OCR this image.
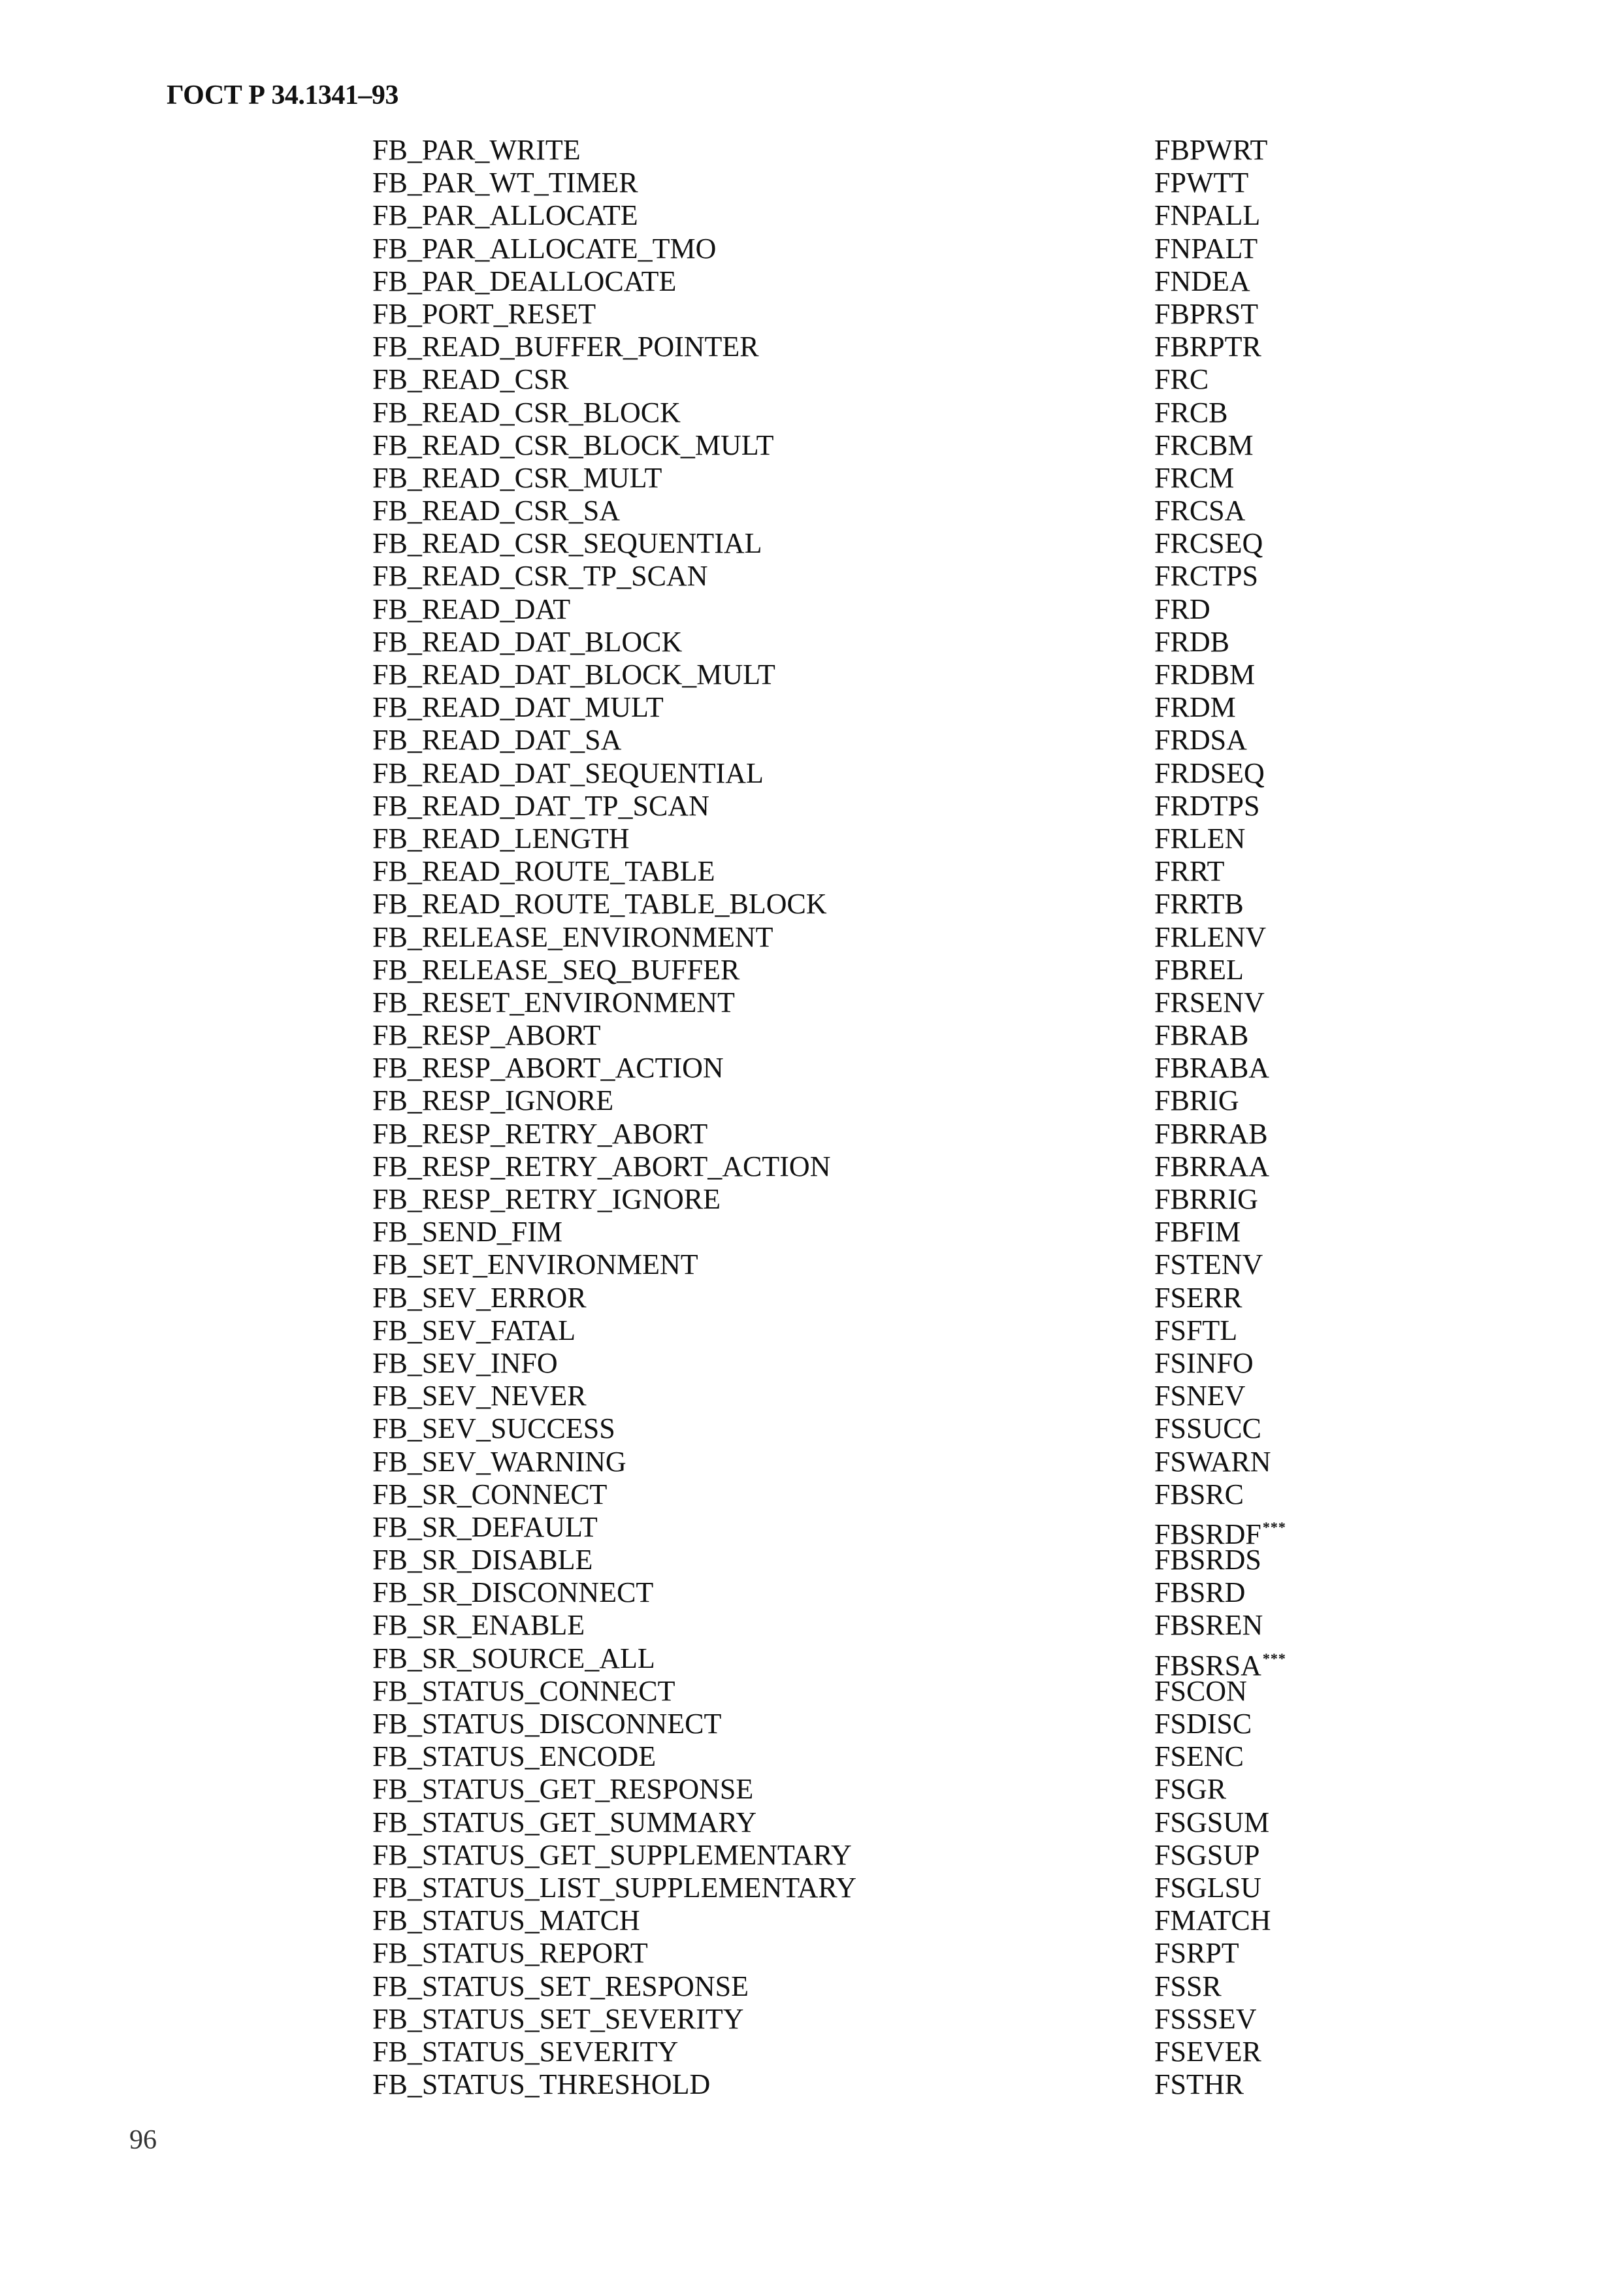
ГОСТ Р 34.1341–93
FB_PAR_WRITE	FBPWRT
FB_PAR_WT_TIMER	FPWTT
FB_PAR_ALLOCATE	FNPALL
FB_PAR_ALLOCATE_TMO	FNPALT
FB_PAR_DEALLOCATE	FNDEA
FB_PORT_RESET	FBPRST
FB_READ_BUFFER_POINTER	FBRPTR
FB_READ_CSR	FRC
FB_READ_CSR_BLOCK	FRCB
FB_READ_CSR_BLOCK_MULT	FRCBM
FB_READ_CSR_MULT	FRCM
FB_READ_CSR_SA	FRCSA
FB_READ_CSR_SEQUENTIAL	FRCSEQ
FB_READ_CSR_TP_SCAN	FRCTPS
FB_READ_DAT	FRD
FB_READ_DAT_BLOCK	FRDB
FB_READ_DAT_BLOCK_MULT	FRDBM
FB_READ_DAT_MULT	FRDM
FB_READ_DAT_SA	FRDSA
FB_READ_DAT_SEQUENTIAL	FRDSEQ
FB_READ_DAT_TP_SCAN	FRDTPS
FB_READ_LENGTH	FRLEN
FB_READ_ROUTE_TABLE	FRRT
FB_READ_ROUTE_TABLE_BLOCK	FRRTB
FB_RELEASE_ENVIRONMENT	FRLENV
FB_RELEASE_SEQ_BUFFER	FBREL
FB_RESET_ENVIRONMENT	FRSENV
FB_RESP_ABORT	FBRAB
FB_RESP_ABORT_ACTION	FBRABA
FB_RESP_IGNORE	FBRIG
FB_RESP_RETRY_ABORT	FBRRAB
FB_RESP_RETRY_ABORT_ACTION	FBRRAA
FB_RESP_RETRY_IGNORE	FBRRIG
FB_SEND_FIM	FBFIM
FB_SET_ENVIRONMENT	FSTENV
FB_SEV_ERROR	FSERR
FB_SEV_FATAL	FSFTL
FB_SEV_INFO	FSINFO
FB_SEV_NEVER	FSNEV
FB_SEV_SUCCESS	FSSUCC
FB_SEV_WARNING	FSWARN
FB_SR_CONNECT	FBSRC
FB_SR_DEFAULT	FBSRDF***
FB_SR_DISABLE	FBSRDS
FB_SR_DISCONNECT	FBSRD
FB_SR_ENABLE	FBSREN
FB_SR_SOURCE_ALL	FBSRSA***
FB_STATUS_CONNECT	FSCON
FB_STATUS_DISCONNECT	FSDISC
FB_STATUS_ENCODE	FSENC
FB_STATUS_GET_RESPONSE	FSGR
FB_STATUS_GET_SUMMARY	FSGSUM
FB_STATUS_GET_SUPPLEMENTARY	FSGSUP
FB_STATUS_LIST_SUPPLEMENTARY	FSGLSU
FB_STATUS_MATCH	FMATCH
FB_STATUS_REPORT	FSRPT
FB_STATUS_SET_RESPONSE	FSSR
FB_STATUS_SET_SEVERITY	FSSSEV
FB_STATUS_SEVERITY	FSEVER
FB_STATUS_THRESHOLD	FSTHR
96
